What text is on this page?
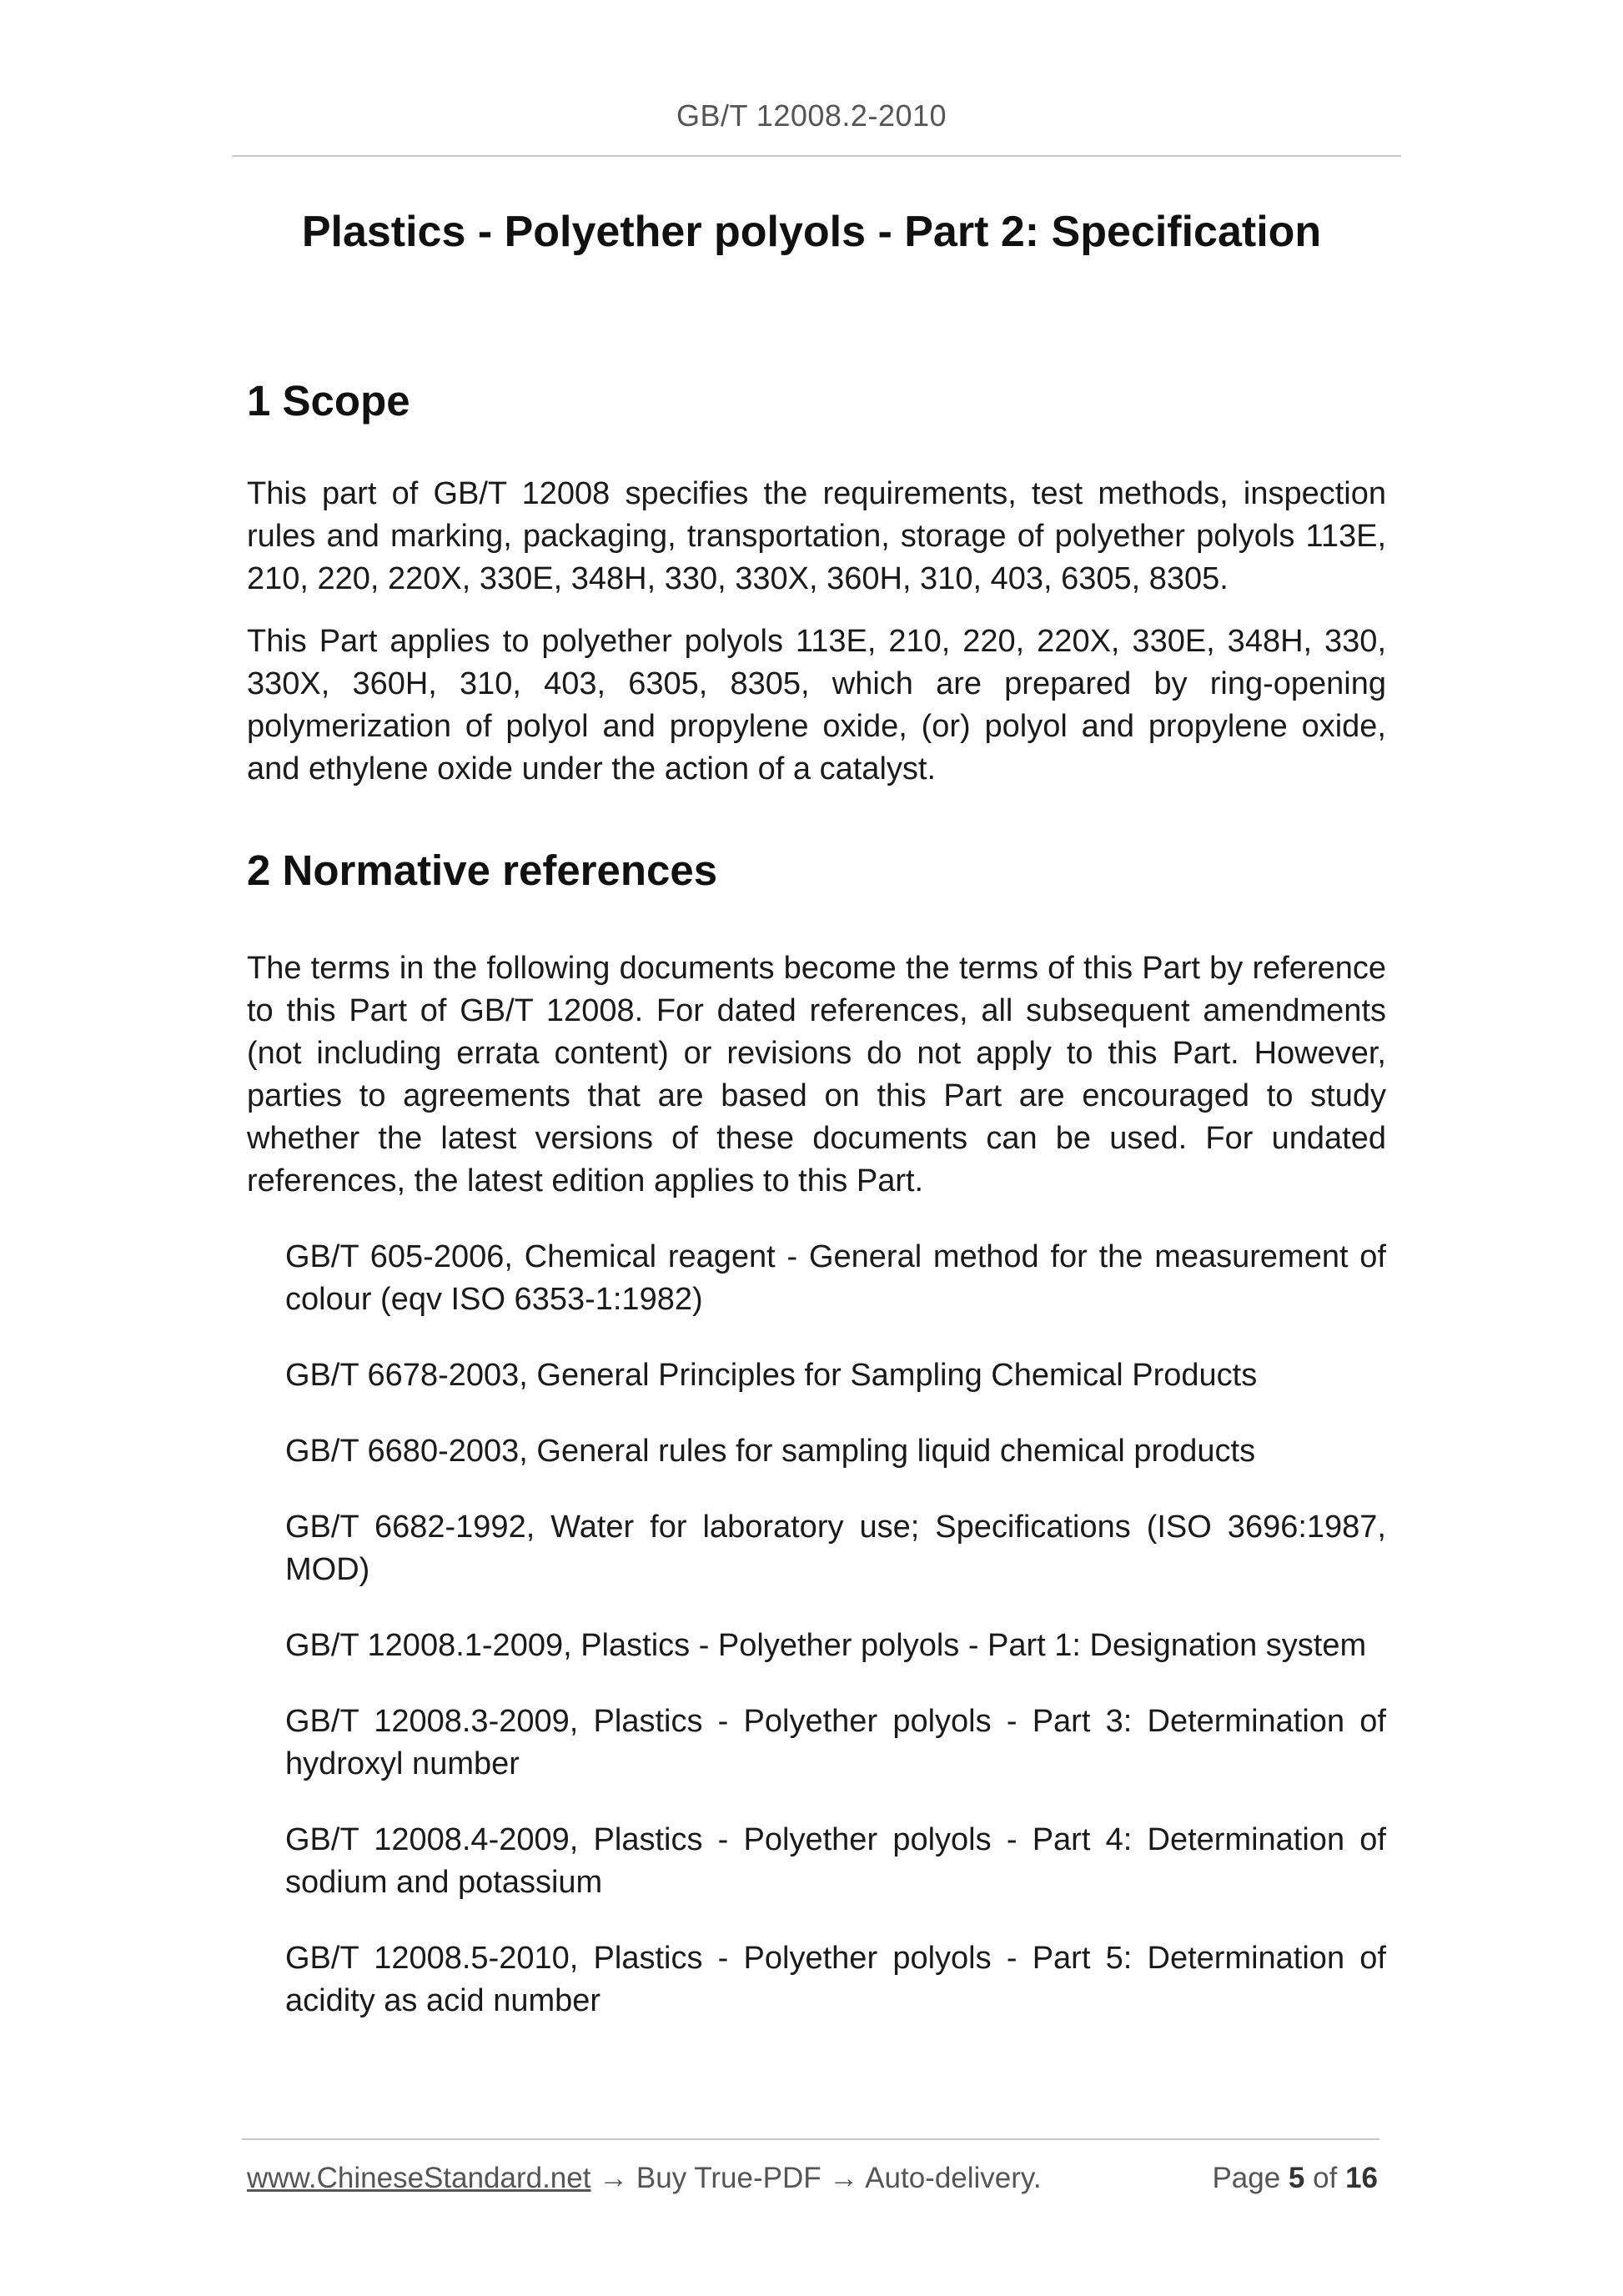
GB/T 12008.2-2010
Plastics - Polyether polyols - Part 2: Specification
1 Scope

This part of GB/T 12008 specifies the requirements, test methods, inspection rules and marking, packaging, transportation, storage of polyether polyols 113E, 210, 220, 220X, 330E, 348H, 330, 330X, 360H, 310, 403, 6305, 8305.

This Part applies to polyether polyols 113E, 210, 220, 220X, 330E, 348H, 330, 330X, 360H, 310, 403, 6305, 8305, which are prepared by ring-opening polymerization of polyol and propylene oxide, (or) polyol and propylene oxide, and ethylene oxide under the action of a catalyst.

2 Normative references

The terms in the following documents become the terms of this Part by reference to this Part of GB/T 12008. For dated references, all subsequent amendments (not including errata content) or revisions do not apply to this Part. However, parties to agreements that are based on this Part are encouraged to study whether the latest versions of these documents can be used. For undated references, the latest edition applies to this Part.

GB/T 605-2006, Chemical reagent - General method for the measurement of colour (eqv ISO 6353-1:1982)
GB/T 6678-2003, General Principles for Sampling Chemical Products
GB/T 6680-2003, General rules for sampling liquid chemical products
GB/T 6682-1992, Water for laboratory use; Specifications (ISO 3696:1987, MOD)
GB/T 12008.1-2009, Plastics - Polyether polyols - Part 1: Designation system
GB/T 12008.3-2009, Plastics - Polyether polyols - Part 3: Determination of hydroxyl number
GB/T 12008.4-2009, Plastics - Polyether polyols - Part 4: Determination of sodium and potassium
GB/T 12008.5-2010, Plastics - Polyether polyols - Part 5: Determination of acidity as acid number
www.ChineseStandard.net → Buy True-PDF → Auto-delivery.	Page 5 of 16
